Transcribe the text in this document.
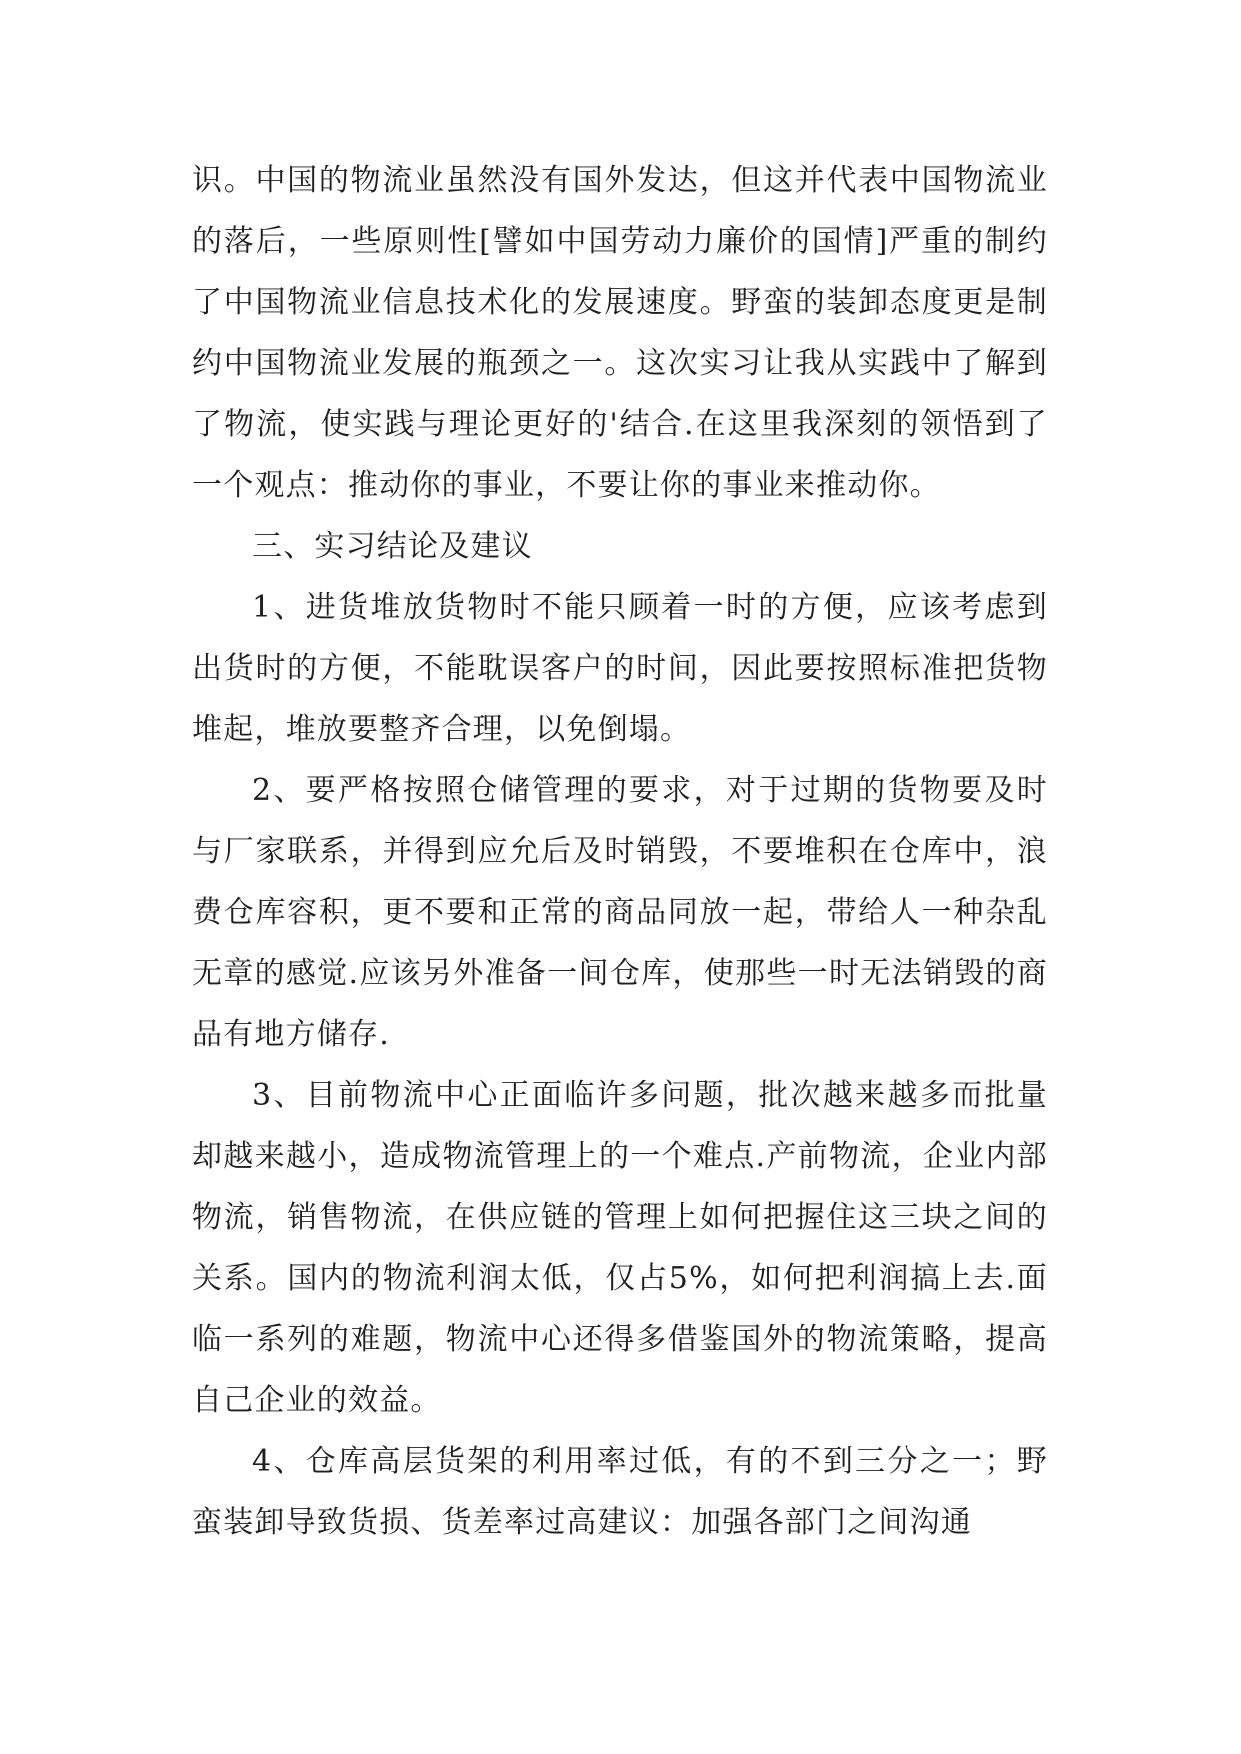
识。中国的物流业虽然没有国外发达，但这并代表中国物流业的落后，一些原则性[譬如中国劳动力廉价的国情]严重的制约了中国物流业信息技术化的发展速度。野蛮的装卸态度更是制约中国物流业发展的瓶颈之一。这次实习让我从实践中了解到了物流，使实践与理论更好的'结合.在这里我深刻的领悟到了一个观点：推动你的事业，不要让你的事业来推动你。

三、实习结论及建议

1、进货堆放货物时不能只顾着一时的方便，应该考虑到出货时的方便，不能耽误客户的时间，因此要按照标准把货物堆起，堆放要整齐合理，以免倒塌。

2、要严格按照仓储管理的要求，对于过期的货物要及时与厂家联系，并得到应允后及时销毁，不要堆积在仓库中，浪费仓库容积，更不要和正常的商品同放一起，带给人一种杂乱无章的感觉.应该另外准备一间仓库，使那些一时无法销毁的商品有地方储存.

3、目前物流中心正面临许多问题，批次越来越多而批量却越来越小，造成物流管理上的一个难点.产前物流，企业内部物流，销售物流，在供应链的管理上如何把握住这三块之间的关系。国内的物流利润太低，仅占5%，如何把利润搞上去.面临一系列的难题，物流中心还得多借鉴国外的物流策略，提高自己企业的效益。

4、仓库高层货架的利用率过低，有的不到三分之一；野蛮装卸导致货损、货差率过高建议：加强各部门之间沟通
